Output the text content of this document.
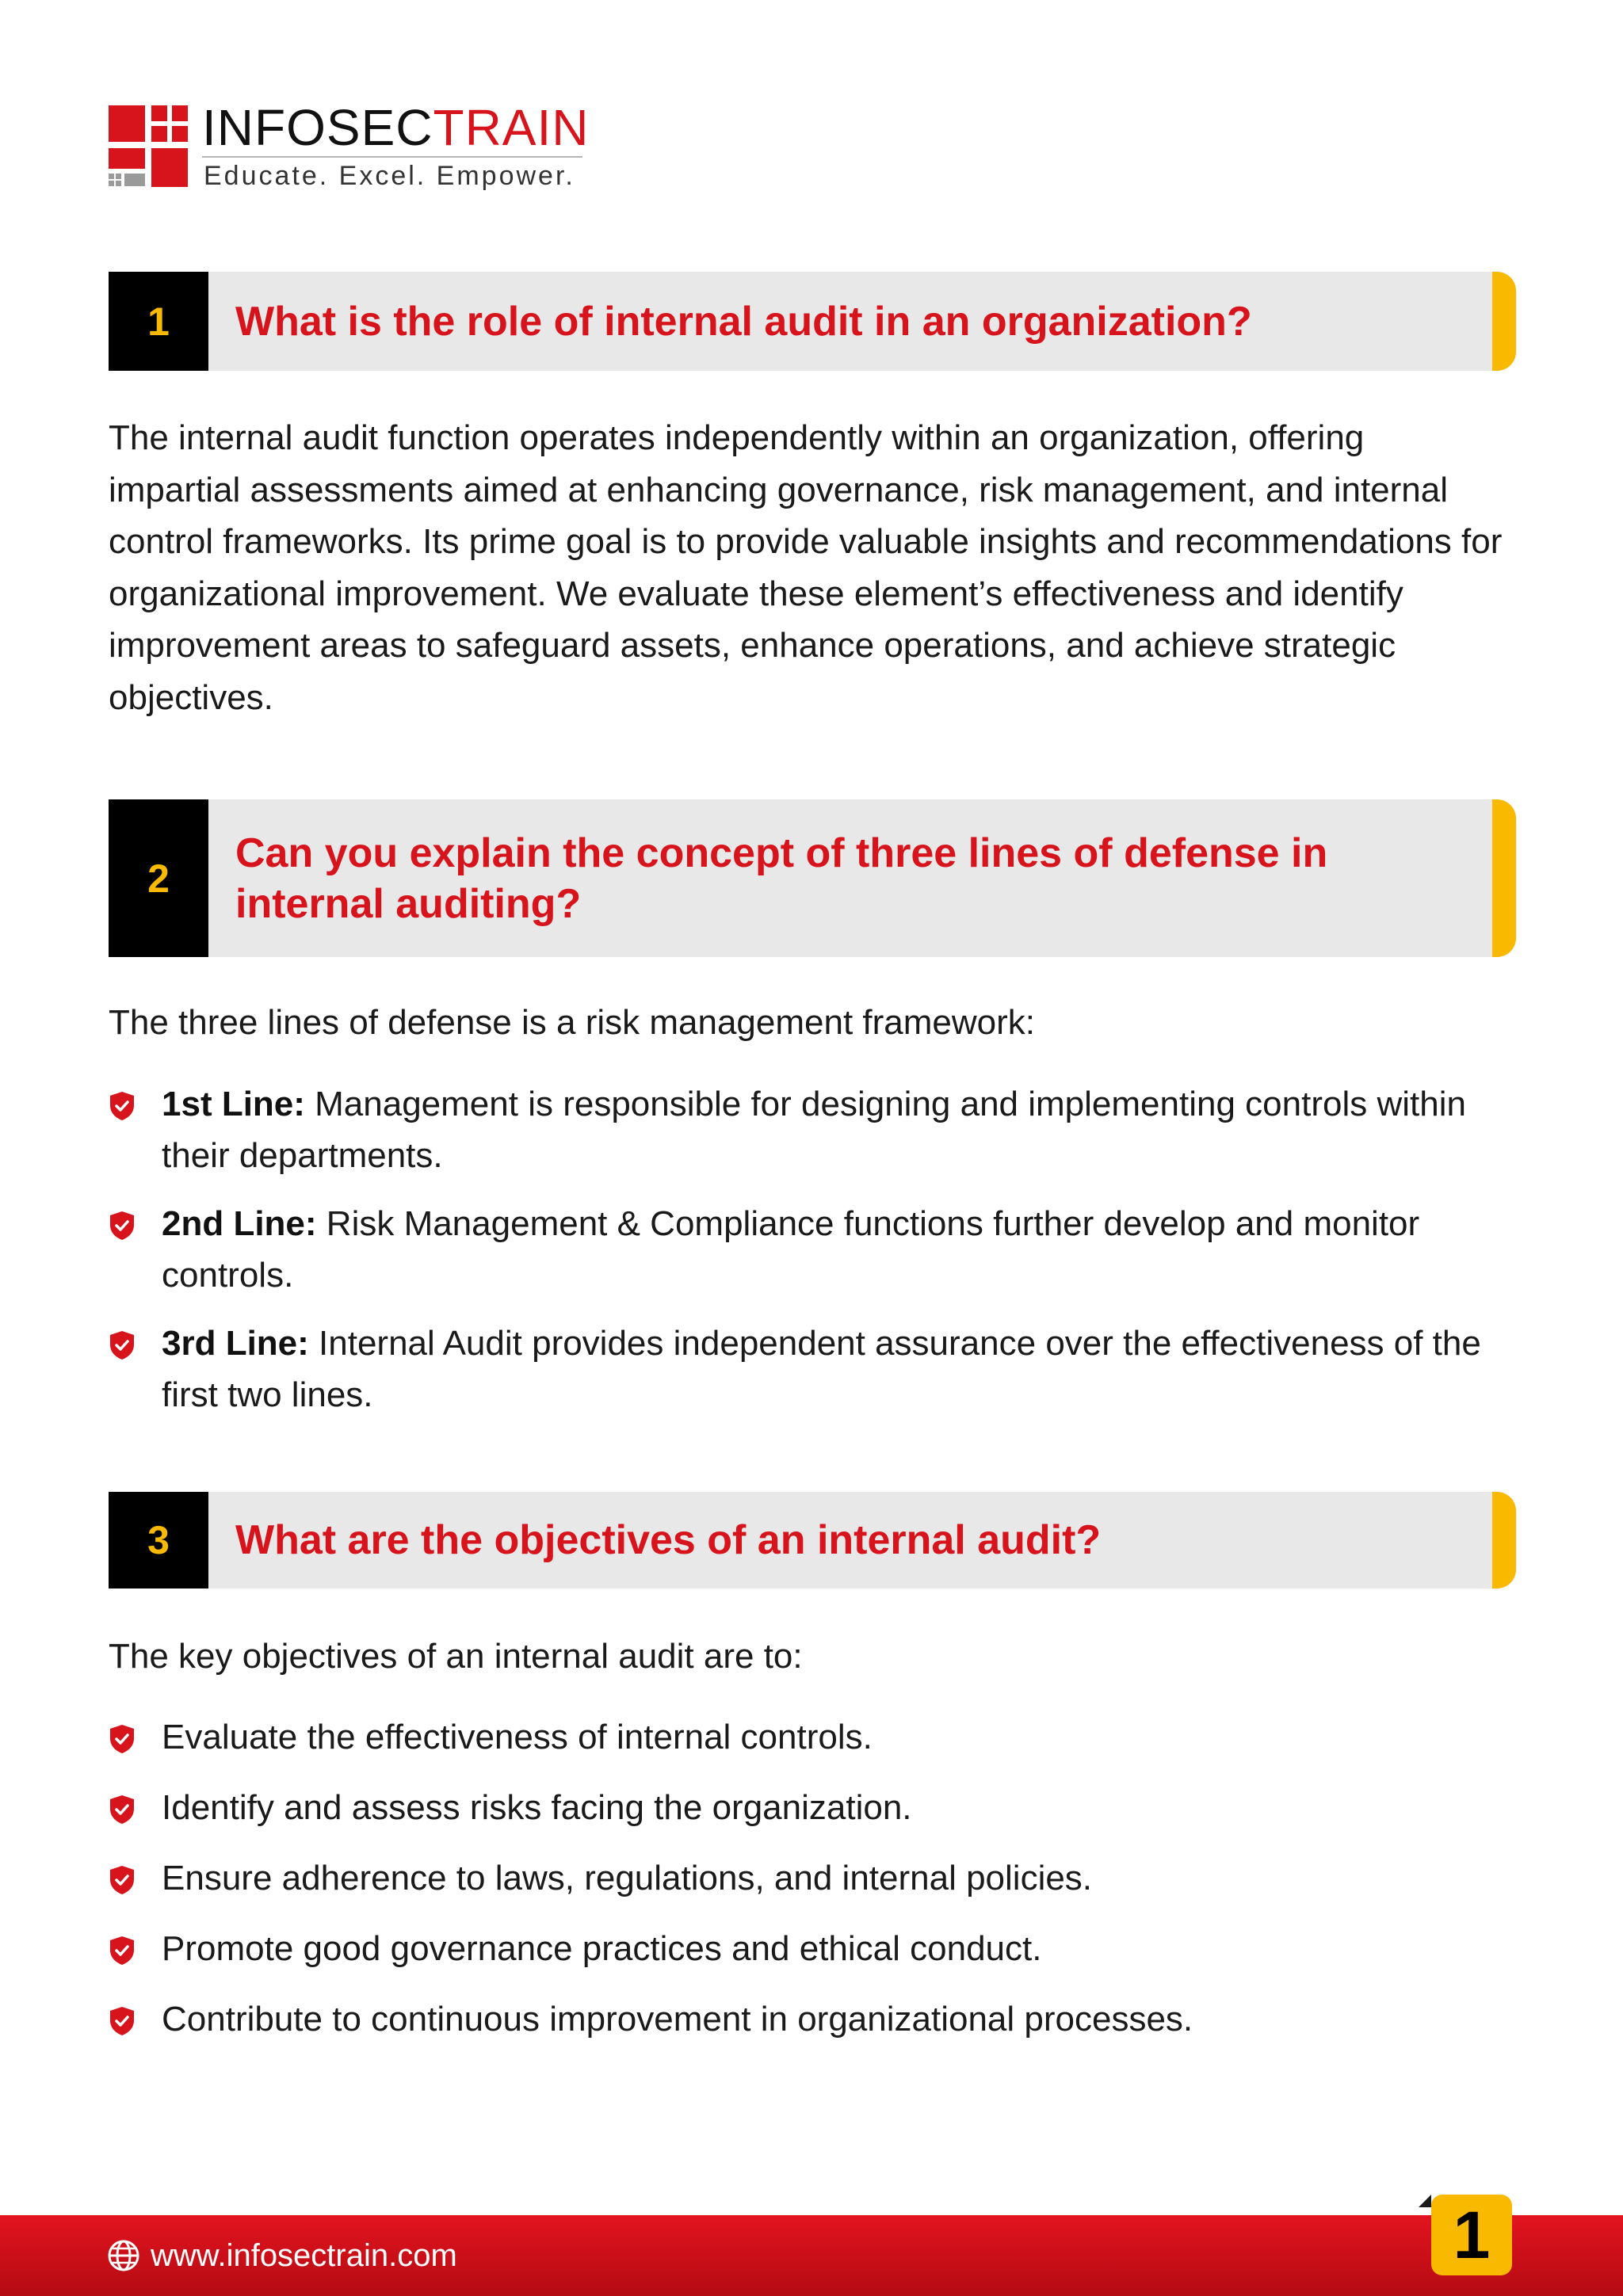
INFOSECTRAIN
Educate. Excel. Empower.
1	What is the role of internal audit in an organization?

The internal audit function operates independently within an organization, offering impartial assessments aimed at enhancing governance, risk management, and internal control frameworks. Its prime goal is to provide valuable insights and recommendations for organizational improvement. We evaluate these element’s effectiveness and identify improvement areas to safeguard assets, enhance operations, and achieve strategic objectives.

2
Can you explain the concept of three lines of defense in internal auditing?
The three lines of defense is a risk management framework:
1st Line: Management is responsible for designing and implementing controls within their departments.
2nd Line: Risk Management & Compliance functions further develop and monitor controls.
3rd Line: Internal Audit provides independent assurance over the effectiveness of the first two lines.
3	What are the objectives of an internal audit?
The key objectives of an internal audit are to:
Evaluate the effectiveness of internal controls.
Identify and assess risks facing the organization.
Ensure adherence to laws, regulations, and internal policies.
Promote good governance practices and ethical conduct.
Contribute to continuous improvement in organizational processes.
www.infosectrain.com	1
